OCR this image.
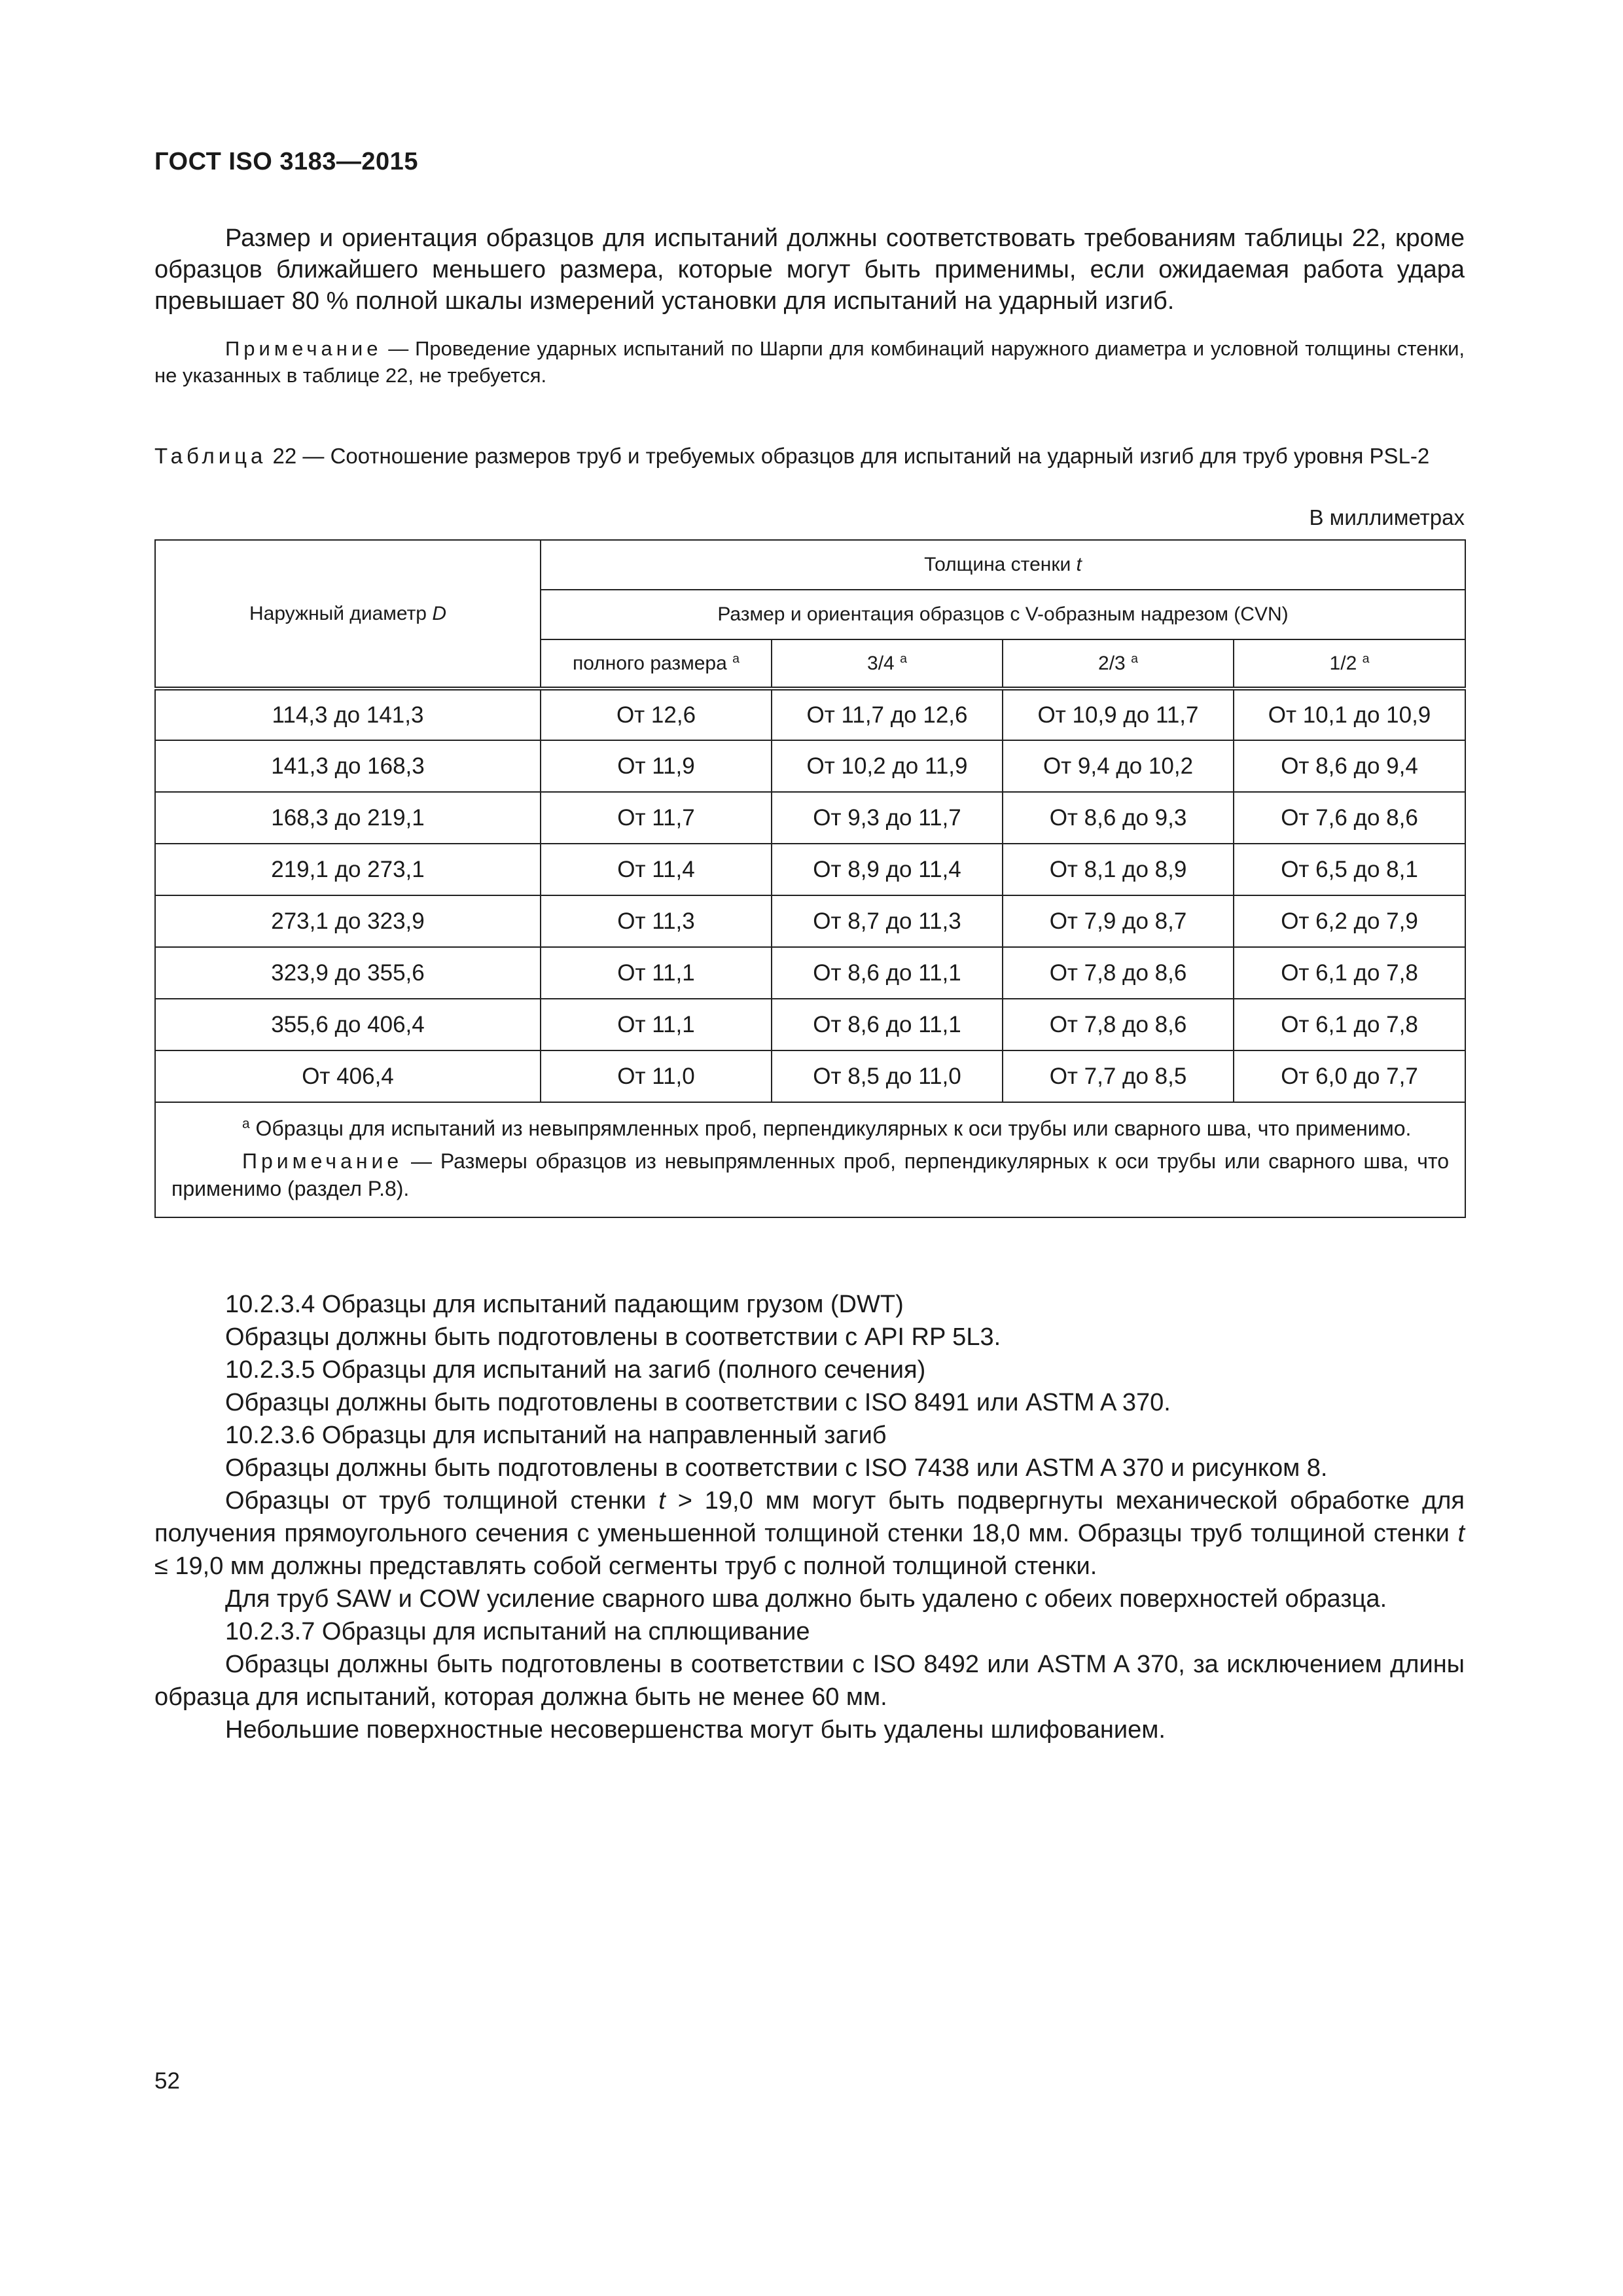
ГОСТ ISO 3183—2015
Размер и ориентация образцов для испытаний должны соответствовать требованиям таблицы 22, кроме образцов ближайшего меньшего размера, которые могут быть применимы, если ожидаемая работа удара превышает 80 % полной шкалы измерений установки для испытаний на ударный изгиб.
Примечание — Проведение ударных испытаний по Шарпи для комбинаций наружного диаметра и условной толщины стенки, не указанных в таблице 22, не требуется.
Таблица 22 — Соотношение размеров труб и требуемых образцов для испытаний на ударный изгиб для труб уровня PSL-2
В миллиметрах
Наружный диаметр D	Толщина стенки t			
	Размер и ориентация образцов с V-образным надрезом (CVN)			
	полного размера $^a$	3/4 $^a$	2/3 $^a$	1/2 $^a$
114,3 до 141,3	От 12,6	От 11,7 до 12,6	От 10,9 до 11,7	От 10,1 до 10,9
141,3 до 168,3	От 11,9	От 10,2 до 11,9	От 9,4 до 10,2	От 8,6 до 9,4
168,3 до 219,1	От 11,7	От 9,3 до 11,7	От 8,6 до 9,3	От 7,6 до 8,6
219,1 до 273,1	От 11,4	От 8,9 до 11,4	От 8,1 до 8,9	От 6,5 до 8,1
273,1 до 323,9	От 11,3	От 8,7 до 11,3	От 7,9 до 8,7	От 6,2 до 7,9
323,9 до 355,6	От 11,1	От 8,6 до 11,1	От 7,8 до 8,6	От 6,1 до 7,8
355,6 до 406,4	От 11,1	От 8,6 до 11,1	От 7,8 до 8,6	От 6,1 до 7,8
От 406,4	От 11,0	От 8,5 до 11,0	От 7,7 до 8,5	От 6,0 до 7,7

$^a$ Образцы для испытаний из невыпрямленных проб, перпендикулярных к оси трубы или сварного шва, что применимо.

Примечание — Размеры образцов из невыпрямленных проб, перпендикулярных к оси трубы или сварного шва, что применимо (раздел P.8).				

10.2.3.4 Образцы для испытаний падающим грузом (DWT)

Образцы должны быть подготовлены в соответствии с API RP 5L3.

10.2.3.5 Образцы для испытаний на загиб (полного сечения)

Образцы должны быть подготовлены в соответствии с ISO 8491 или ASTM A 370.

10.2.3.6 Образцы для испытаний на направленный загиб

Образцы должны быть подготовлены в соответствии с ISO 7438 или ASTM A 370 и рисунком 8.

Образцы от труб толщиной стенки t > 19,0 мм могут быть подвергнуты механической обработке для получения прямоугольного сечения с уменьшенной толщиной стенки 18,0 мм. Образцы труб толщиной стенки t ≤ 19,0 мм должны представлять собой сегменты труб с полной толщиной стенки.

Для труб SAW и COW усиление сварного шва должно быть удалено с обеих поверхностей образца.

10.2.3.7 Образцы для испытаний на сплющивание

Образцы должны быть подготовлены в соответствии с ISO 8492 или ASTM A 370, за исключением длины образца для испытаний, которая должна быть не менее 60 мм.

Небольшие поверхностные несовершенства могут быть удалены шлифованием.

52
